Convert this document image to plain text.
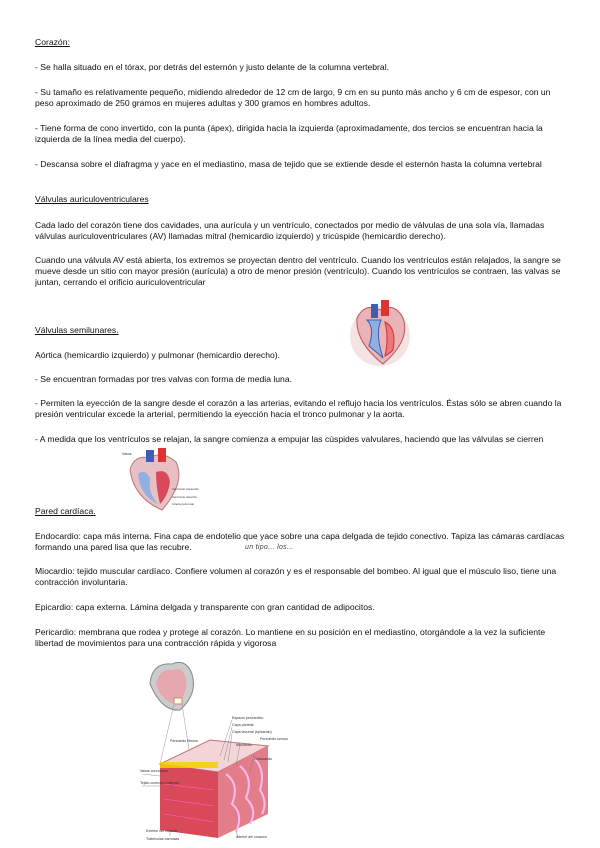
Corazón:

- Se halla situado en el tórax, por detrás del esternón y justo delante de la columna vertebral.

- Su tamaño es relativamente pequeño, midiendo alrededor de 12 cm de largo, 9 cm en su punto más ancho y 6 cm de espesor, con un peso aproximado de 250 gramos en mujeres adultas y 300 gramos en hombres adultos.

- Tiene forma de cono invertido, con la punta (ápex), dirigida hacia la izquierda (aproximadamente, dos tercios se encuentran hacia la izquierda de la línea media del cuerpo).

- Descansa sobre el diafragma y yace en el mediastino, masa de tejido que se extiende desde el esternón hasta la columna vertebral

Válvulas auriculoventriculares

Cada lado del corazón tiene dos cavidades, una aurícula y un ventrículo, conectados por medio de válvulas de una sola vía, llamadas válvulas auriculoventriculares (AV) llamadas mitral (hemicardio izquierdo) y tricúspide (hemicardio derecho).

Cuando una válvula AV está abierta, los extremos se proyectan dentro del ventrículo. Cuando los ventrículos están relajados, la sangre se mueve desde un sitio con mayor presión (aurícula) a otro de menor presión (ventrículo). Cuando los ventrículos se contraen, las valvas se juntan, cerrando el orificio auriculoventricular

Válvulas semilunares.

Aórtica (hemicardio izquierdo) y pulmonar (hemicardio derecho).

- Se encuentran formadas por tres valvas con forma de media luna.

- Permiten la eyección de la sangre desde el corazón a las arterias, evitando el reflujo hacia los ventrículos. Éstas sólo se abren cuando la presión ventricular excede la arterial, permitiendo la eyección hacia el tronco pulmonar y la aorta.

- A medida que los ventrículos se relajan, la sangre comienza a empujar las cúspides valvulares, haciendo que las válvulas se cierren

Vasos
Ventrículo izquierdo
Ventrículo derecho
Arteria pulmonar

Pared cardíaca.

Endocardio: capa más interna. Fina capa de endotelio que yace sobre una capa delgada de tejido conectivo. Tapiza las cámaras cardíacas formando una pared lisa que las recubre.	un tipo... los...

Miocardio: tejido muscular cardíaco. Confiere volumen al corazón y es el responsable del bombeo. Al igual que el músculo liso, tiene una contracción involuntaria.

Epicardio: capa externa. Lámina delgada y transparente con gran cantidad de adipocitos.

Pericardio: membrana que rodea y protege al corazón. Lo mantiene en su posición en el mediastino, otorgándole a la vez la suficiente libertad de movimientos para una contracción rápida y vigorosa

Espacio pericárdico
Capa parietal
Capa visceral (epicardio)
Pericardio seroso
Miocardio
Endocardio
Pericardio fibroso
Vasos coronarios
Tejido conectivo adiposo
Exterior del corazón
Trabéculas carnosas	Interior del corazón
